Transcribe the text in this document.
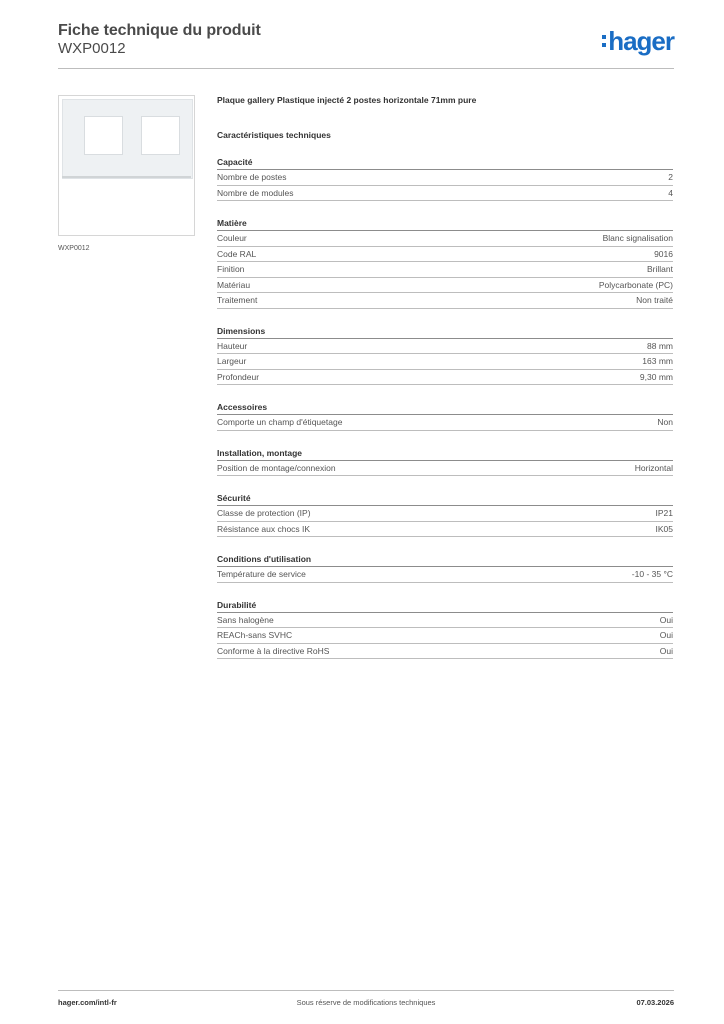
Fiche technique du produit
WXP0012	hager
WXP0012
Plaque gallery Plastique injecté 2 postes horizontale 71mm pure
Caractéristiques techniques
Capacité
Nombre de postes	2
Nombre de modules	4
Matière
Couleur	Blanc signalisation
Code RAL	9016
Finition	Brillant
Matériau	Polycarbonate (PC)
Traitement	Non traité
Dimensions
Hauteur	88 mm
Largeur	163 mm
Profondeur	9,30 mm
Accessoires
Comporte un champ d'étiquetage	Non
Installation, montage
Position de montage/connexion	Horizontal
Sécurité
Classe de protection (IP)	IP21
Résistance aux chocs IK	IK05
Conditions d'utilisation
Température de service	-10 - 35 °C
Durabilité
Sans halogène	Oui
REACh-sans SVHC	Oui
Conforme à la directive RoHS	Oui
Sous réserve de modifications techniques
hager.com/intl-fr	07.03.2026
